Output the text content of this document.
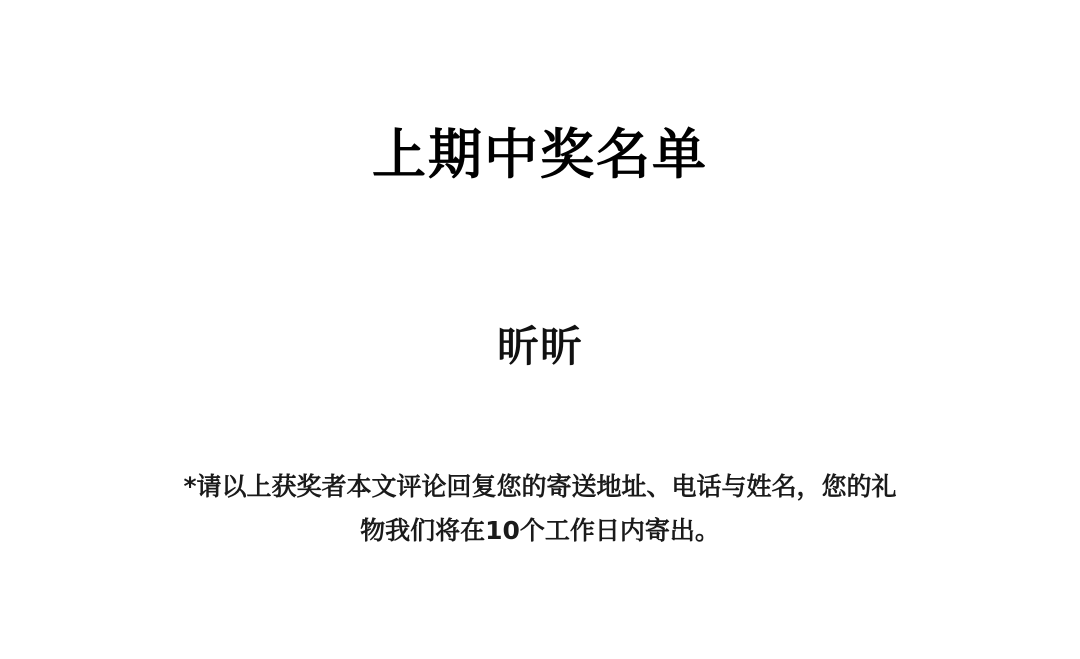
上期中奖名单
昕昕

*请以上获奖者本文评论回复您的寄送地址、电话与姓名，您的礼物我们将在10个工作日内寄出。
